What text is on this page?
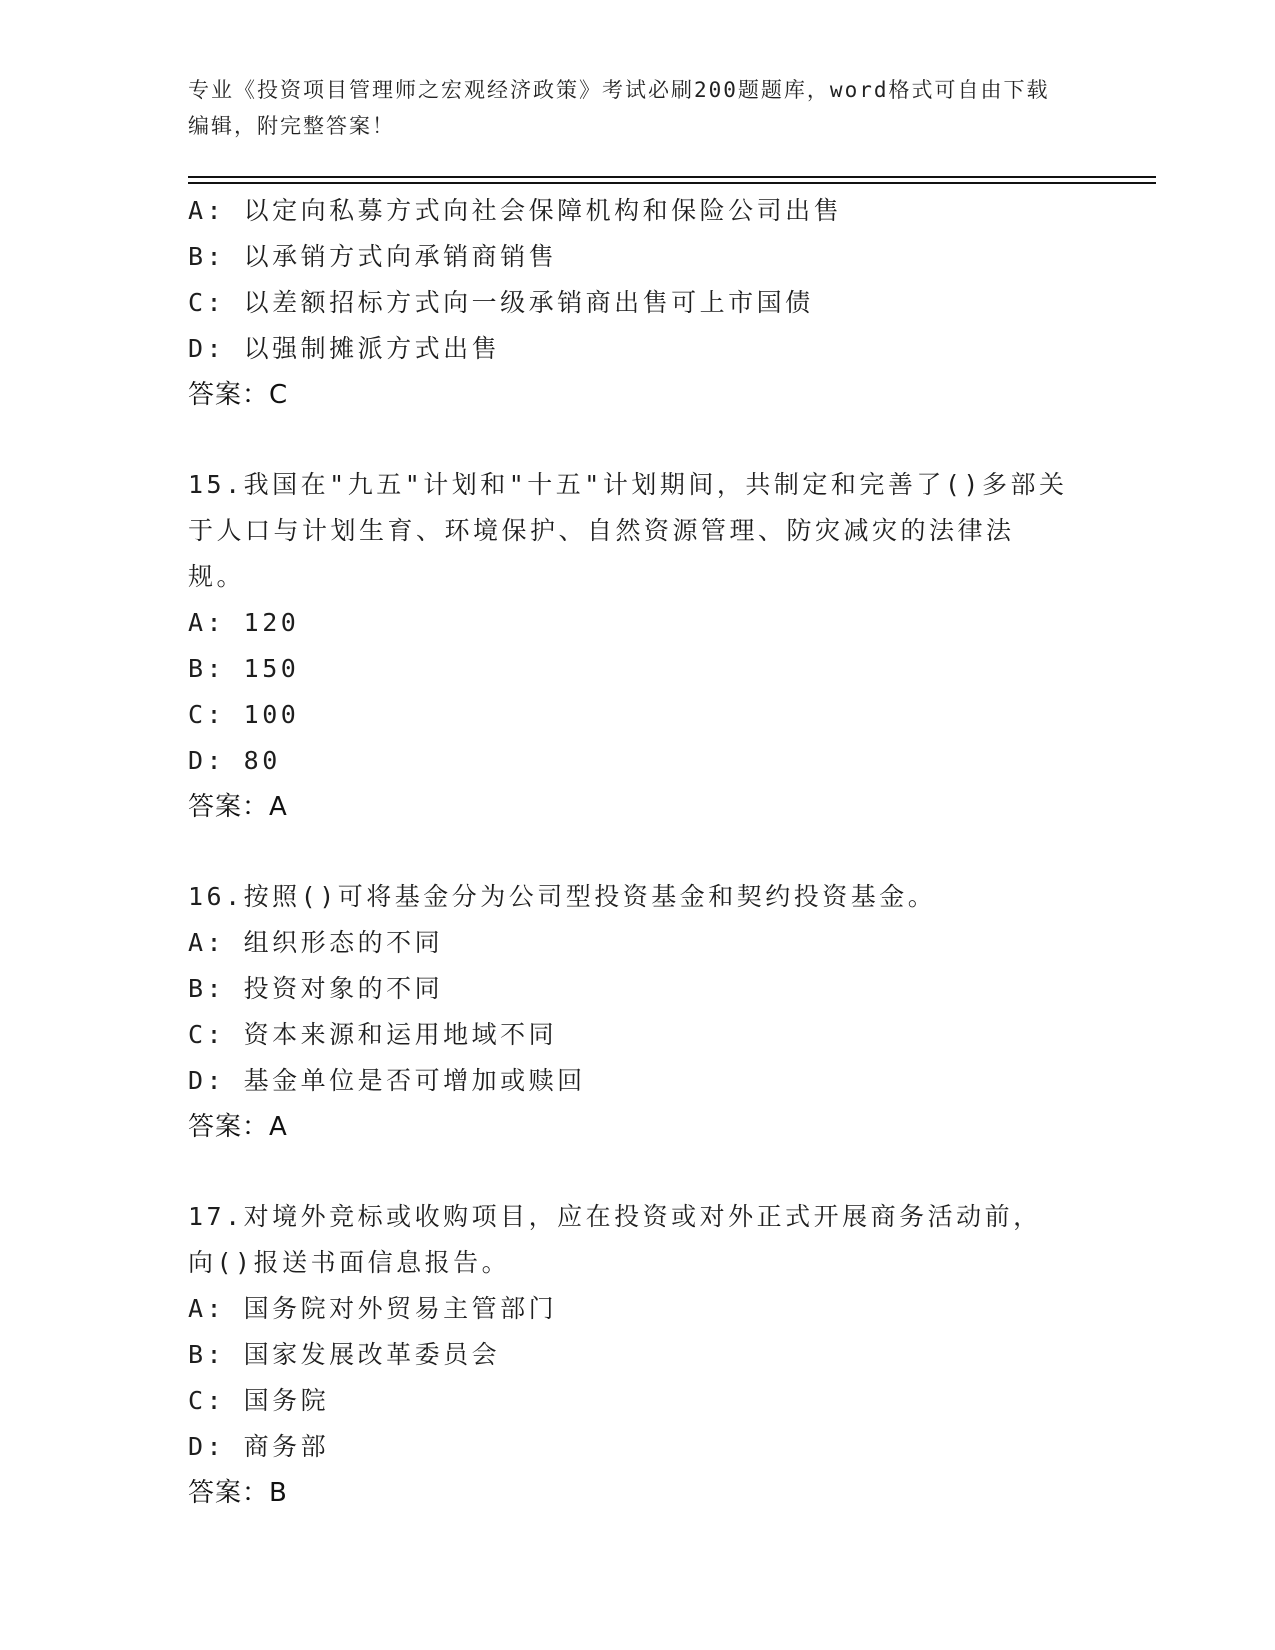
专业《投资项目管理师之宏观经济政策》考试必刷200题题库，word格式可自由下载编辑，附完整答案！
A: 以定向私募方式向社会保障机构和保险公司出售
B: 以承销方式向承销商销售
C: 以差额招标方式向一级承销商出售可上市国债
D: 以强制摊派方式出售
答案：C
15.我国在"九五"计划和"十五"计划期间，共制定和完善了()多部关于人口与计划生育、环境保护、自然资源管理、防灾减灾的法律法规。
A: 120
B: 150
C: 100
D: 80
答案：A
16.按照()可将基金分为公司型投资基金和契约投资基金。
A: 组织形态的不同
B: 投资对象的不同
C: 资本来源和运用地域不同
D: 基金单位是否可增加或赎回
答案：A
17.对境外竞标或收购项目，应在投资或对外正式开展商务活动前，向()报送书面信息报告。
A: 国务院对外贸易主管部门
B: 国家发展改革委员会
C: 国务院
D: 商务部
答案：B
